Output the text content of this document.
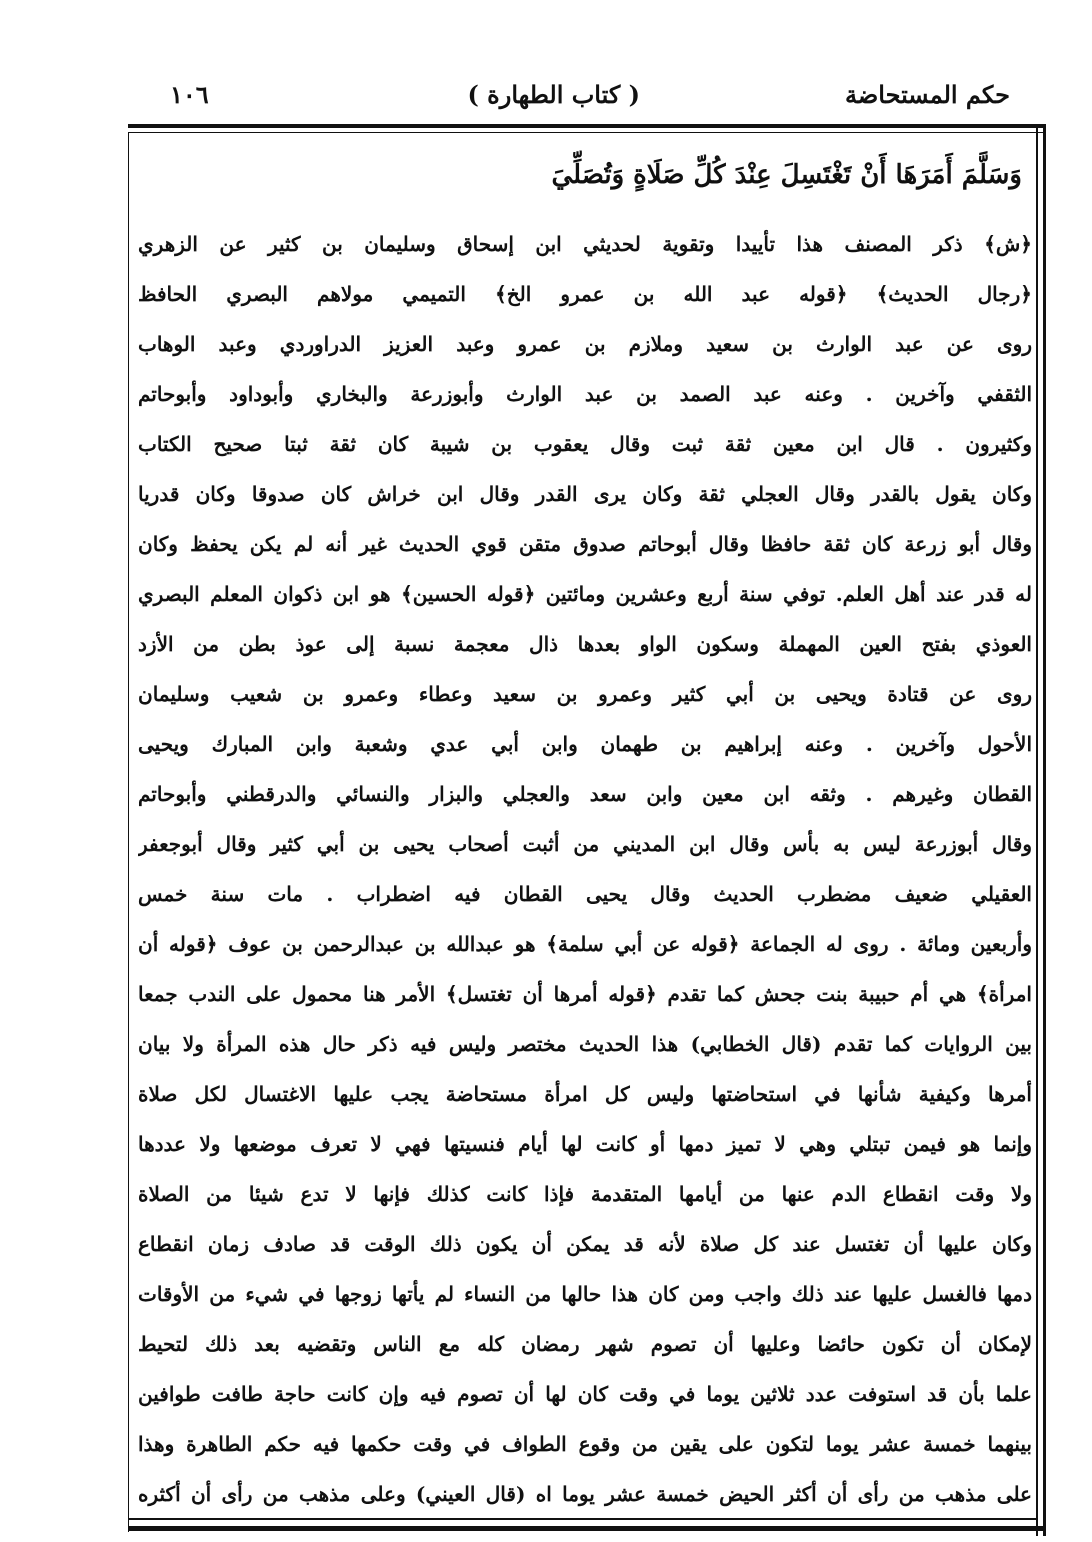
( كتاب الطهارة )	حكم المستحاضة
١٠٦
وَسَلَّمَ أَمَرَهَا أَنْ تَغْتَسِلَ عِنْدَ كُلِّ صَلَاةٍ وَتُصَلِّيَ
﴿ش﴾ ذكر المصنف هذا تأييدا وتقوية لحديثي ابن إسحاق وسليمان بن كثير عن الزهري
﴿رجال الحديث﴾ ﴿قوله عبد الله بن عمرو الخ﴾ التميمي مولاهم البصري الحافظ
روى عن عبد الوارث بن سعيد وملازم بن عمرو وعبد العزيز الدراوردي وعبد الوهاب
الثقفي وآخرين . وعنه عبد الصمد بن عبد الوارث وأبوزرعة والبخاري وأبوداود وأبوحاتم
وكثيرون . قال ابن معين ثقة ثبت وقال يعقوب بن شيبة كان ثقة ثبتا صحيح الكتاب
وكان يقول بالقدر وقال العجلي ثقة وكان يرى القدر وقال ابن خراش كان صدوقا وكان قدريا
وقال أبو زرعة كان ثقة حافظا وقال أبوحاتم صدوق متقن قوي الحديث غير أنه لم يكن يحفظ وكان
له قدر عند أهل العلم. توفي سنة أربع وعشرين ومائتين ﴿قوله الحسين﴾ هو ابن ذكوان المعلم البصري
العوذي بفتح العين المهملة وسكون الواو بعدها ذال معجمة نسبة إلى عوذ بطن من الأزد
روى عن قتادة ويحيى بن أبي كثير وعمرو بن سعيد وعطاء وعمرو بن شعيب وسليمان
الأحول وآخرين . وعنه إبراهيم بن طهمان وابن أبي عدي وشعبة وابن المبارك ويحيى
القطان وغيرهم . وثقه ابن معين وابن سعد والعجلي والبزار والنسائي والدرقطني وأبوحاتم
وقال أبوزرعة ليس به بأس وقال ابن المديني من أثبت أصحاب يحيى بن أبي كثير وقال أبوجعفر
العقيلي ضعيف مضطرب الحديث وقال يحيى القطان فيه اضطراب . مات سنة خمس
وأربعين ومائة . روى له الجماعة ﴿قوله عن أبي سلمة﴾ هو عبدالله بن عبدالرحمن بن عوف ﴿قوله أن
امرأة﴾ هي أم حبيبة بنت جحش كما تقدم ﴿قوله أمرها أن تغتسل﴾ الأمر هنا محمول على الندب جمعا
بين الروايات كما تقدم (قال الخطابي) هذا الحديث مختصر وليس فيه ذكر حال هذه المرأة ولا بيان
أمرها وكيفية شأنها في استحاضتها وليس كل امرأة مستحاضة يجب عليها الاغتسال لكل صلاة
وإنما هو فيمن تبتلي وهي لا تميز دمها أو كانت لها أيام فنسيتها فهي لا تعرف موضعها ولا عددها
ولا وقت انقطاع الدم عنها من أيامها المتقدمة فإذا كانت كذلك فإنها لا تدع شيئا من الصلاة
وكان عليها أن تغتسل عند كل صلاة لأنه قد يمكن أن يكون ذلك الوقت قد صادف زمان انقطاع
دمها فالغسل عليها عند ذلك واجب ومن كان هذا حالها من النساء لم يأتها زوجها في شيء من الأوقات
لإمكان أن تكون حائضا وعليها أن تصوم شهر رمضان كله مع الناس وتقضيه بعد ذلك لتحيط
علما بأن قد استوفت عدد ثلاثين يوما في وقت كان لها أن تصوم فيه وإن كانت حاجة طافت طوافين
بينهما خمسة عشر يوما لتكون على يقين من وقوع الطواف في وقت حكمها فيه حكم الطاهرة وهذا
على مذهب من رأى أن أكثر الحيض خمسة عشر يوما اه (قال العيني) وعلى مذهب من رأى أن أكثره
